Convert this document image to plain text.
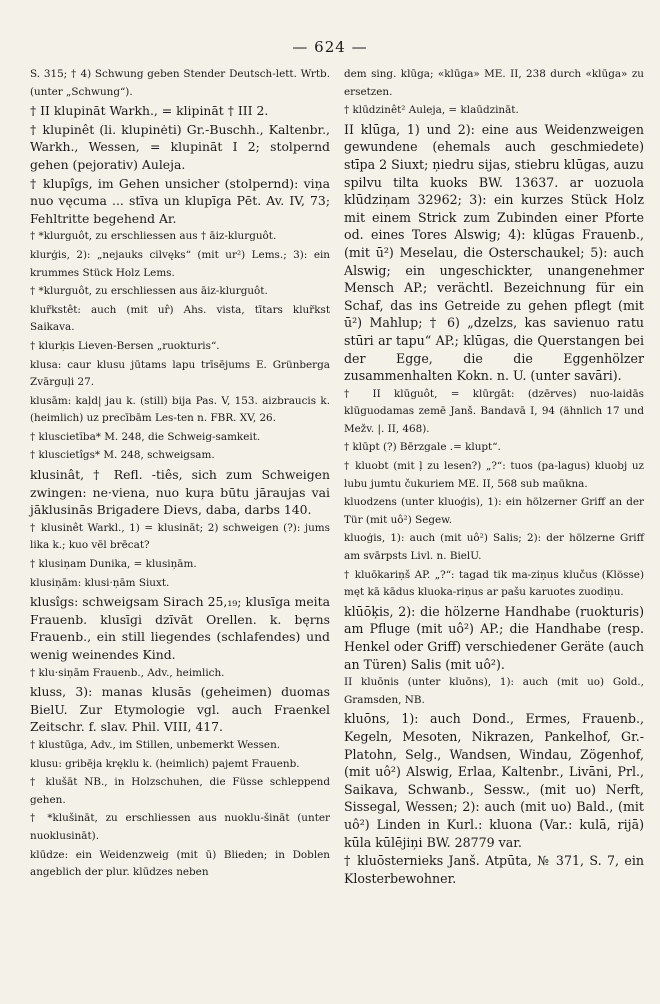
— 624 —

S. 315; † 4) Schwung geben Stender Deutsch-lett. Wrtb. (unter „Schwung“).

† II klupināt Warkh., = klipināt † III 2.

† klupinêt (li. klupinėti) Gr.-Buschh., Kaltenbr., Warkh., Wessen, = klupināt I 2; stolpernd gehen (pejorativ) Auleja.

† klupîgs, im Gehen unsicher (stolpernd): viņa nuo vęcuma ... stīva un klupīga Pēt. Av. IV, 73; Fehltritte begehend Ar.

† *klurguôt, zu erschliessen aus † āiz-klurguôt.

klurģis, 2): „nejauks cilvęks“ (mit ur²) Lems.; 3): ein krummes Stück Holz Lems.

† *klurguôt, zu erschliessen aus āiz-klurguôt.

klur̃kstêt: auch (mit ur̂) Ahs. vista, tītars klur̃kst Saikava.

† klurķis Lieven-Bersen „ruokturis“.

klusa: caur klusu jūtams lapu trīsējums E. Grünberga Zvārguļi 27.

klusām: kaļd| jau k. (still) bija Pas. V, 153. aizbraucis k. (heimlich) uz precībām Les-ten n. FBR. XV, 26.

† kluscietība* M. 248, die Schweig-samkeit.

† kluscietîgs* M. 248, schweigsam.

klusinât, † Refl. -tiês, sich zum Schweigen zwingen: ne·viena, nuo kuŗa būtu jāraujas vai jāklusinās Brigadere Dievs, daba, darbs 140.

† klusinêt Warkl., 1) = klusināt; 2) schweigen (?): jums lika k.; kuo vēl brēcat?

† klusiņam Dunika, = klusiņām.

klusiņām: klusi·ņām Siuxt.

klusîgs: schweigsam Sirach 25,₁₉; klusīga meita Frauenb. klusīgi dzīvāt Orellen. k. bęrns Frauenb., ein still liegendes (schlafendes) und wenig weinendes Kind.

† klu·siņām Frauenb., Adv., heimlich.

kluss, 3): manas klusās (geheimen) duomas BielU. Zur Etymologie vgl. auch Fraenkel Zeitschr. f. slav. Phil. VIII, 417.

† klustūga, Adv., im Stillen, unbemerkt Wessen.

klusu: gribēja kręklu k. (heimlich) pajemt Frauenb.

† klušāt NB., in Holzschuhen, die Füsse schleppend gehen.

† *klušināt, zu erschliessen aus nuoklu-šināt (unter nuoklusināt).

klūdze: ein Weidenzweig (mit ū) Blieden; in Doblen angeblich der plur. klūdzes neben

dem sing. klūga; «klūga» ME. II, 238 durch «klūga» zu ersetzen.

† klūdzinêt² Auleja, = klaūdzināt.

II klūga, 1) und 2): eine aus Weidenzweigen gewundene (ehemals auch geschmiedete) stīpa 2 Siuxt; ņiedru sijas, stiebru klūgas, auzu spilvu tilta kuoks BW. 13637. ar uozuola klūdziņam 32962; 3): ein kurzes Stück Holz mit einem Strick zum Zubinden einer Pforte od. eines Tores Alswig; 4): klūgas Frauenb., (mit ū²) Meselau, die Osterschaukel; 5): auch Alswig; ein ungeschickter, unangenehmer Mensch AP.; verächtl. Bezeichnung für ein Schaf, das ins Getreide zu gehen pflegt (mit ū²) Mahlup; † 6) „dzelzs, kas savienuo ratu stūri ar tapu“ AP.; klūgas, die Querstangen bei der Egge, die die Eggenhölzer zusammenhalten Kokn. n. U. (unter savāri).

† II klūguôt, = klūrgāt: (dzērves) nuo-laidās klūguodamas zemē Janš. Bandavā I, 94 (ähnlich 17 und Mežv. |. II, 468).

† klūpt (?) Bērzgale .= klupt“.

† kluobt (mit ļ zu lesen?) „?“: tuos (pa-lagus) kluobj uz lubu jumtu čukuriem ME. II, 568 sub maūkna.

kluodzens (unter kluoģis), 1): ein hölzerner Griff an der Tür (mit uô²) Segew.

kluoģis, 1): auch (mit uô²) Salis; 2): der hölzerne Griff am svārpsts Livl. n. BielU.

† kluōkariņš AP. „?“: tagad tik ma-ziņus klučus (Klösse) męt kā kādus kluoka-riņus ar pašu karuotes zuodiņu.

klūōķis, 2): die hölzerne Handhabe (ruokturis) am Pfluge (mit uô²) AP.; die Handhabe (resp. Henkel oder Griff) verschiedener Geräte (auch an Türen) Salis (mit uô²).

II kluōnis (unter kluōns), 1): auch (mit uo) Gold., Gramsden, NB.

kluōns, 1): auch Dond., Ermes, Frauenb., Kegeln, Mesoten, Nikrazen, Pankelhof, Gr.-Platohn, Selg., Wandsen, Windau, Zögenhof, (mit uô²) Alswig, Erlaa, Kaltenbr., Livāni, Prl., Saikava, Schwanb., Sessw., (mit uo) Nerft, Sissegal, Wessen; 2): auch (mit uo) Bald., (mit uô²) Linden in Kurl.: kluona (Var.: kulā, rijā) kūla kūlējiņi BW. 28779 var.

† kluōsternieks Janš. Atpūta, № 371, S. 7, ein Klosterbewohner.
